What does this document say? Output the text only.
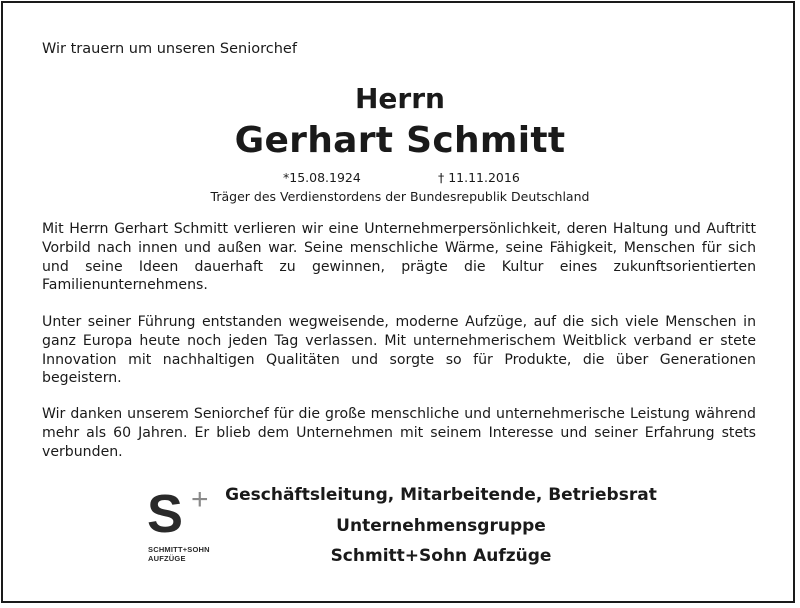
Wir trauern um unseren Seniorchef
Herrn
Gerhart Schmitt
*15.08.1924	† 11.11.2016
Träger des Verdienstordens der Bundesrepublik Deutschland
Mit Herrn Gerhart Schmitt verlieren wir eine Unternehmerpersönlichkeit, deren Haltung und Auftritt Vorbild nach innen und außen war. Seine menschliche Wärme, seine Fähigkeit, Menschen für sich und seine Ideen dauerhaft zu gewinnen, prägte die Kultur eines zukunftsorientierten Familienunternehmens.
Unter seiner Führung entstanden wegweisende, moderne Aufzüge, auf die sich viele Menschen in ganz Europa heute noch jeden Tag verlassen. Mit unternehmerischem Weitblick verband er stete Innovation mit nachhaltigen Qualitäten und sorgte so für Produkte, die über Generationen begeistern.
Wir danken unserem Seniorchef für die große menschliche und unternehmerische Leistung während mehr als 60 Jahren. Er blieb dem Unternehmen mit seinem Interesse und seiner Erfahrung stets verbunden.
S +
SCHMITT+SOHN
AUFZÜGE
Geschäftsleitung, Mitarbeitende, Betriebsrat
Unternehmensgruppe
Schmitt+Sohn Aufzüge
